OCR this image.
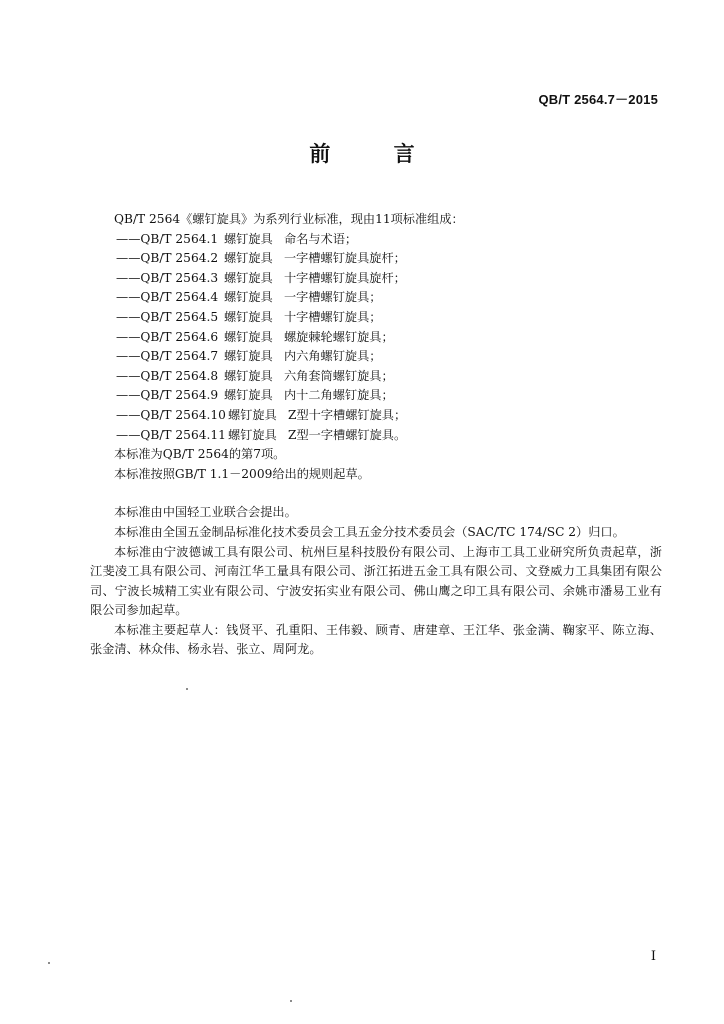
QB/T 2564.7－2015
前 言
QB/T 2564《螺钉旋具》为系列行业标准，现由11项标准组成：
——QB/T 2564.1 螺钉旋具 命名与术语；
——QB/T 2564.2 螺钉旋具 一字槽螺钉旋具旋杆；
——QB/T 2564.3 螺钉旋具 十字槽螺钉旋具旋杆；
——QB/T 2564.4 螺钉旋具 一字槽螺钉旋具；
——QB/T 2564.5 螺钉旋具 十字槽螺钉旋具；
——QB/T 2564.6 螺钉旋具 螺旋棘轮螺钉旋具；
——QB/T 2564.7 螺钉旋具 内六角螺钉旋具；
——QB/T 2564.8 螺钉旋具 六角套筒螺钉旋具；
——QB/T 2564.9 螺钉旋具 内十二角螺钉旋具；
——QB/T 2564.10 螺钉旋具 Z型十字槽螺钉旋具；
——QB/T 2564.11 螺钉旋具 Z型一字槽螺钉旋具。
本标准为QB/T 2564的第7项。
本标准按照GB/T 1.1－2009给出的规则起草。
本标准由中国轻工业联合会提出。
本标准由全国五金制品标准化技术委员会工具五金分技术委员会（SAC/TC 174/SC 2）归口。
本标准由宁波德诚工具有限公司、杭州巨星科技股份有限公司、上海市工具工业研究所负责起草，浙江斐凌工具有限公司、河南江华工量具有限公司、浙江拓进五金工具有限公司、文登威力工具集团有限公司、宁波长城精工实业有限公司、宁波安拓实业有限公司、佛山鹰之印工具有限公司、余姚市潘易工业有限公司参加起草。
本标准主要起草人：钱贤平、孔重阳、王伟毅、顾青、唐建章、王江华、张金满、鞠家平、陈立海、张金清、林众伟、杨永岩、张立、周阿龙。
I
